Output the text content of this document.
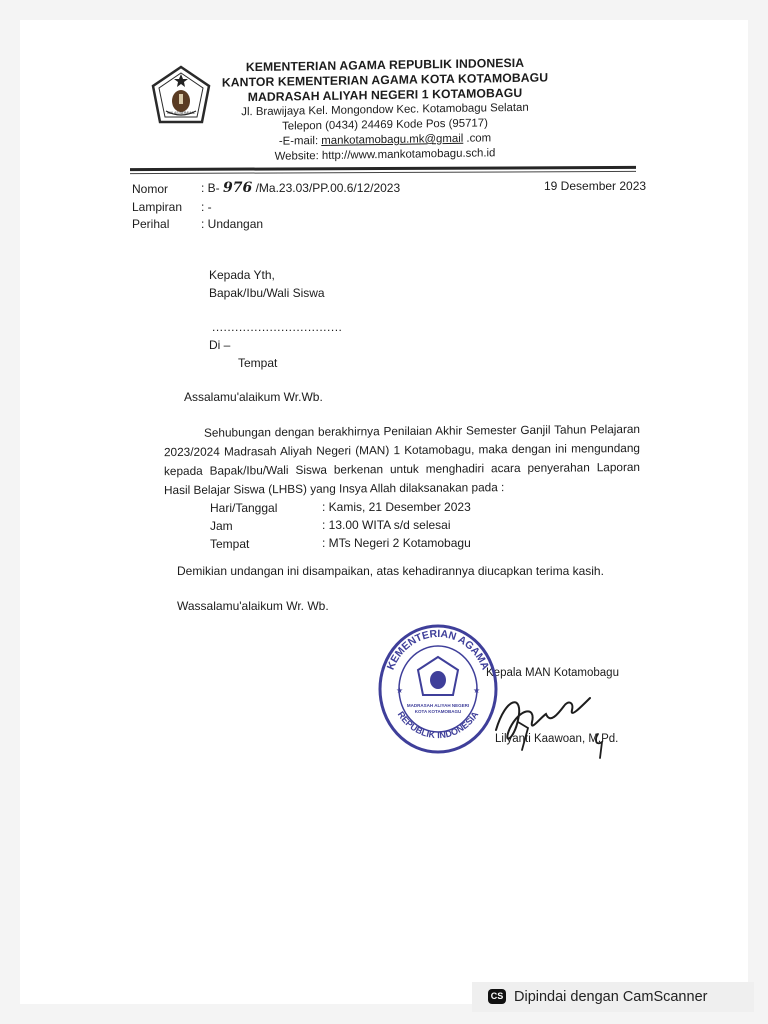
IKHLAS BERAMAL
KEMENTERIAN AGAMA REPUBLIK INDONESIA
KANTOR KEMENTERIAN AGAMA KOTA KOTAMOBAGU
MADRASAH ALIYAH NEGERI 1 KOTAMOBAGU
Jl. Brawijaya Kel. Mongondow Kec. Kotamobagu Selatan
Telepon (0434) 24469 Kode Pos (95717)
-E-mail: mankotamobagu.mk@gmail .com
Website: http://www.mankotamobagu.sch.id
Nomor	: B- 976 /Ma.23.03/PP.00.6/12/2023	19 Desember 2023
Lampiran : -
Perihal	: Undangan
Kepada Yth,
Bapak/Ibu/Wali Siswa
..................................
Di –
Tempat
Assalamu'alaikum Wr.Wb.
Sehubungan dengan berakhirnya Penilaian Akhir Semester Ganjil Tahun Pelajaran 2023/2024 Madrasah Aliyah Negeri (MAN) 1 Kotamobagu, maka dengan ini mengundang kepada Bapak/Ibu/Wali Siswa berkenan untuk menghadiri acara penyerahan Laporan Hasil Belajar Siswa (LHBS) yang Insya Allah dilaksanakan pada :
Hari/Tanggal	: Kamis, 21 Desember 2023
Jam	: 13.00 WITA s/d selesai
Tempat	: MTs Negeri 2 Kotamobagu
Demikian undangan ini disampaikan, atas kehadirannya diucapkan terima kasih.
Wassalamu'alaikum Wr. Wb.
Kepala MAN Kotamobagu
Lilyanti Kaawoan, M.Pd.
KEMENTERIAN AGAMA
REPUBLIK INDONESIA
MADRASAH ALIYAH NEGERI
KOTA KOTAMOBAGU
★	★
CS Dipindai dengan CamScanner
